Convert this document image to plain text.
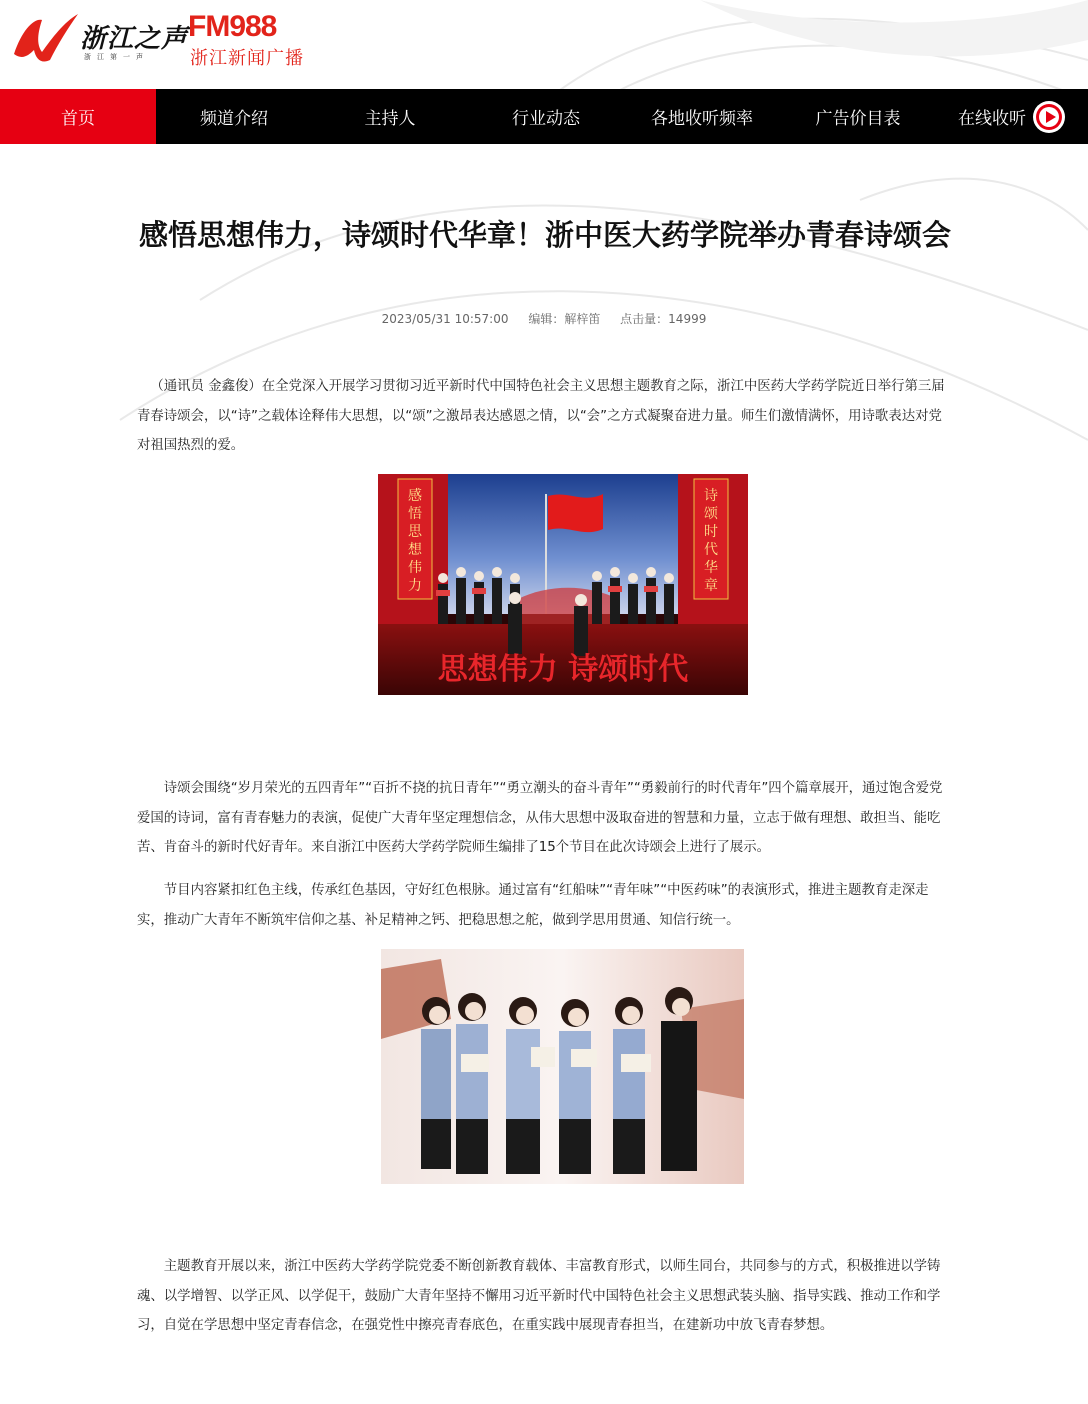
浙江之声
浙江第一声
FM988
浙江新闻广播
首页	频道介绍	主持人	行业动态	各地收听频率	广告价目表	在线收听
感悟思想伟力，诗颂时代华章！浙中医大药学院举办青春诗颂会
2023/05/31 10:57:00 编辑：解梓笛 点击量：14999

（通讯员 金鑫俊）在全党深入开展学习贯彻习近平新时代中国特色社会主义思想主题教育之际，浙江中医药大学药学院近日举行第三届青春诗颂会，以“诗”之载体诠释伟大思想，以“颂”之激昂表达感恩之情，以“会”之方式凝聚奋进力量。师生们激情满怀，用诗歌表达对党对祖国热烈的爱。

感悟思想伟力
诗颂时代华章
思想伟力 诗颂时代

诗颂会围绕“岁月荣光的五四青年”“百折不挠的抗日青年”“勇立潮头的奋斗青年”“勇毅前行的时代青年”四个篇章展开，通过饱含爱党爱国的诗词，富有青春魅力的表演，促使广大青年坚定理想信念，从伟大思想中汲取奋进的智慧和力量，立志于做有理想、敢担当、能吃苦、肯奋斗的新时代好青年。来自浙江中医药大学药学院师生编排了15个节目在此次诗颂会上进行了展示。

节目内容紧扣红色主线，传承红色基因，守好红色根脉。通过富有“红船味”“青年味”“中医药味”的表演形式，推进主题教育走深走实，推动广大青年不断筑牢信仰之基、补足精神之钙、把稳思想之舵，做到学思用贯通、知信行统一。

主题教育开展以来，浙江中医药大学药学院党委不断创新教育载体、丰富教育形式，以师生同台，共同参与的方式，积极推进以学铸魂、以学增智、以学正风、以学促干，鼓励广大青年坚持不懈用习近平新时代中国特色社会主义思想武装头脑、指导实践、推动工作和学习，自觉在学思想中坚定青春信念，在强党性中擦亮青春底色，在重实践中展现青春担当，在建新功中放飞青春梦想。
